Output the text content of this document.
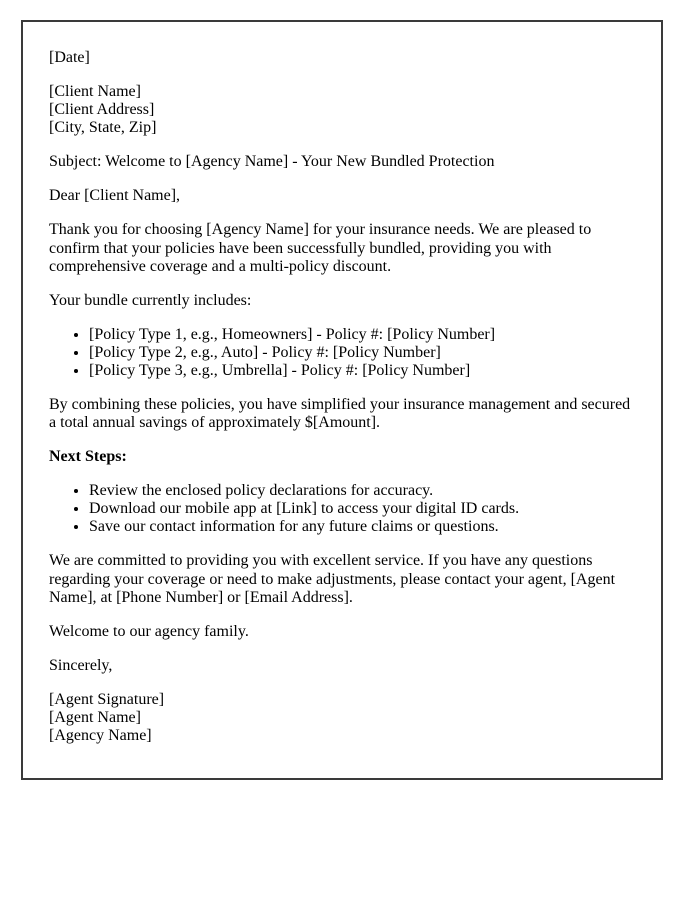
[Date]

[Client Name]
[Client Address]
[City, State, Zip]

Subject: Welcome to [Agency Name] - Your New Bundled Protection

Dear [Client Name],

Thank you for choosing [Agency Name] for your insurance needs. We are pleased to
confirm that your policies have been successfully bundled, providing you with
comprehensive coverage and a multi-policy discount.

Your bundle currently includes:

• [Policy Type 1, e.g., Homeowners] - Policy #: [Policy Number]
• [Policy Type 2, e.g., Auto] - Policy #: [Policy Number]
• [Policy Type 3, e.g., Umbrella] - Policy #: [Policy Number]

By combining these policies, you have simplified your insurance management and secured
a total annual savings of approximately $[Amount].

Next Steps:

• Review the enclosed policy declarations for accuracy.
• Download our mobile app at [Link] to access your digital ID cards.
• Save our contact information for any future claims or questions.

We are committed to providing you with excellent service. If you have any questions
regarding your coverage or need to make adjustments, please contact your agent, [Agent
Name], at [Phone Number] or [Email Address].

Welcome to our agency family.

Sincerely,

[Agent Signature]
[Agent Name]
[Agency Name]
